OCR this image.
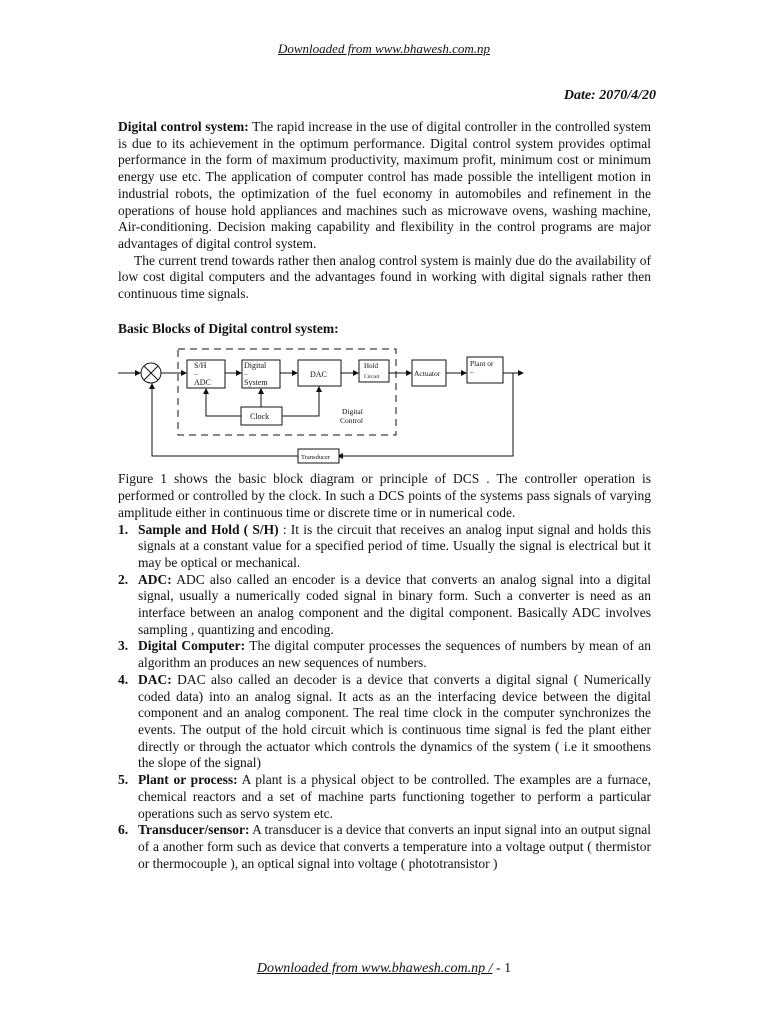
Downloaded from www.bhawesh.com.np
Date: 2070/4/20

Digital control system: The rapid increase in the use of digital controller in the controlled system is due to its achievement in the optimum performance. Digital control system provides optimal performance in the form of maximum productivity, maximum profit, minimum cost or minimum energy use etc. The application of computer control has made possible the intelligent motion in industrial robots, the optimization of the fuel economy in automobiles and refinement in the operations of house hold appliances and machines such as microwave ovens, washing machine, Air-conditioning. Decision making capability and flexibility in the control programs are major advantages of digital control system.

The current trend towards rather then analog control system is mainly due do the availability of low cost digital computers and the advantages found in working with digital signals rather then continuous time signals.

Basic Blocks of Digital control system:

S/H
–
ADC
Digital
–
System
DAC
Hold
Circuit	Actuator
Plant or
–
Clock
Digital
Control
Transducer

Figure 1 shows the basic block diagram or principle of DCS . The controller operation is performed or controlled by the clock. In such a DCS points of the systems pass signals of varying amplitude either in continuous time or discrete time or in numerical code.

1. Sample and Hold ( S/H) : It is the circuit that receives an analog input signal and holds this signals at a constant value for a specified period of time. Usually the signal is electrical but it may be optical or mechanical.
2. ADC: ADC also called an encoder is a device that converts an analog signal into a digital signal, usually a numerically coded signal in binary form. Such a converter is need as an interface between an analog component and the digital component. Basically ADC involves sampling , quantizing and encoding.
3. Digital Computer: The digital computer processes the sequences of numbers by mean of an algorithm an produces an new sequences of numbers.
4. DAC: DAC also called an decoder is a device that converts a digital signal ( Numerically coded data) into an analog signal. It acts as an the interfacing device between the digital component and an analog component. The real time clock in the computer synchronizes the events. The output of the hold circuit which is continuous time signal is fed the plant either directly or through the actuator which controls the dynamics of the system ( i.e it smoothens the slope of the signal)
5. Plant or process: A plant is a physical object to be controlled. The examples are a furnace, chemical reactors and a set of machine parts functioning together to perform a particular operations such as servo system etc.
6. Transducer/sensor: A transducer is a device that converts an input signal into an output signal of a another form such as device that converts a temperature into a voltage output ( thermistor or thermocouple ), an optical signal into voltage ( phototransistor )
Downloaded from www.bhawesh.com.np / - 1
